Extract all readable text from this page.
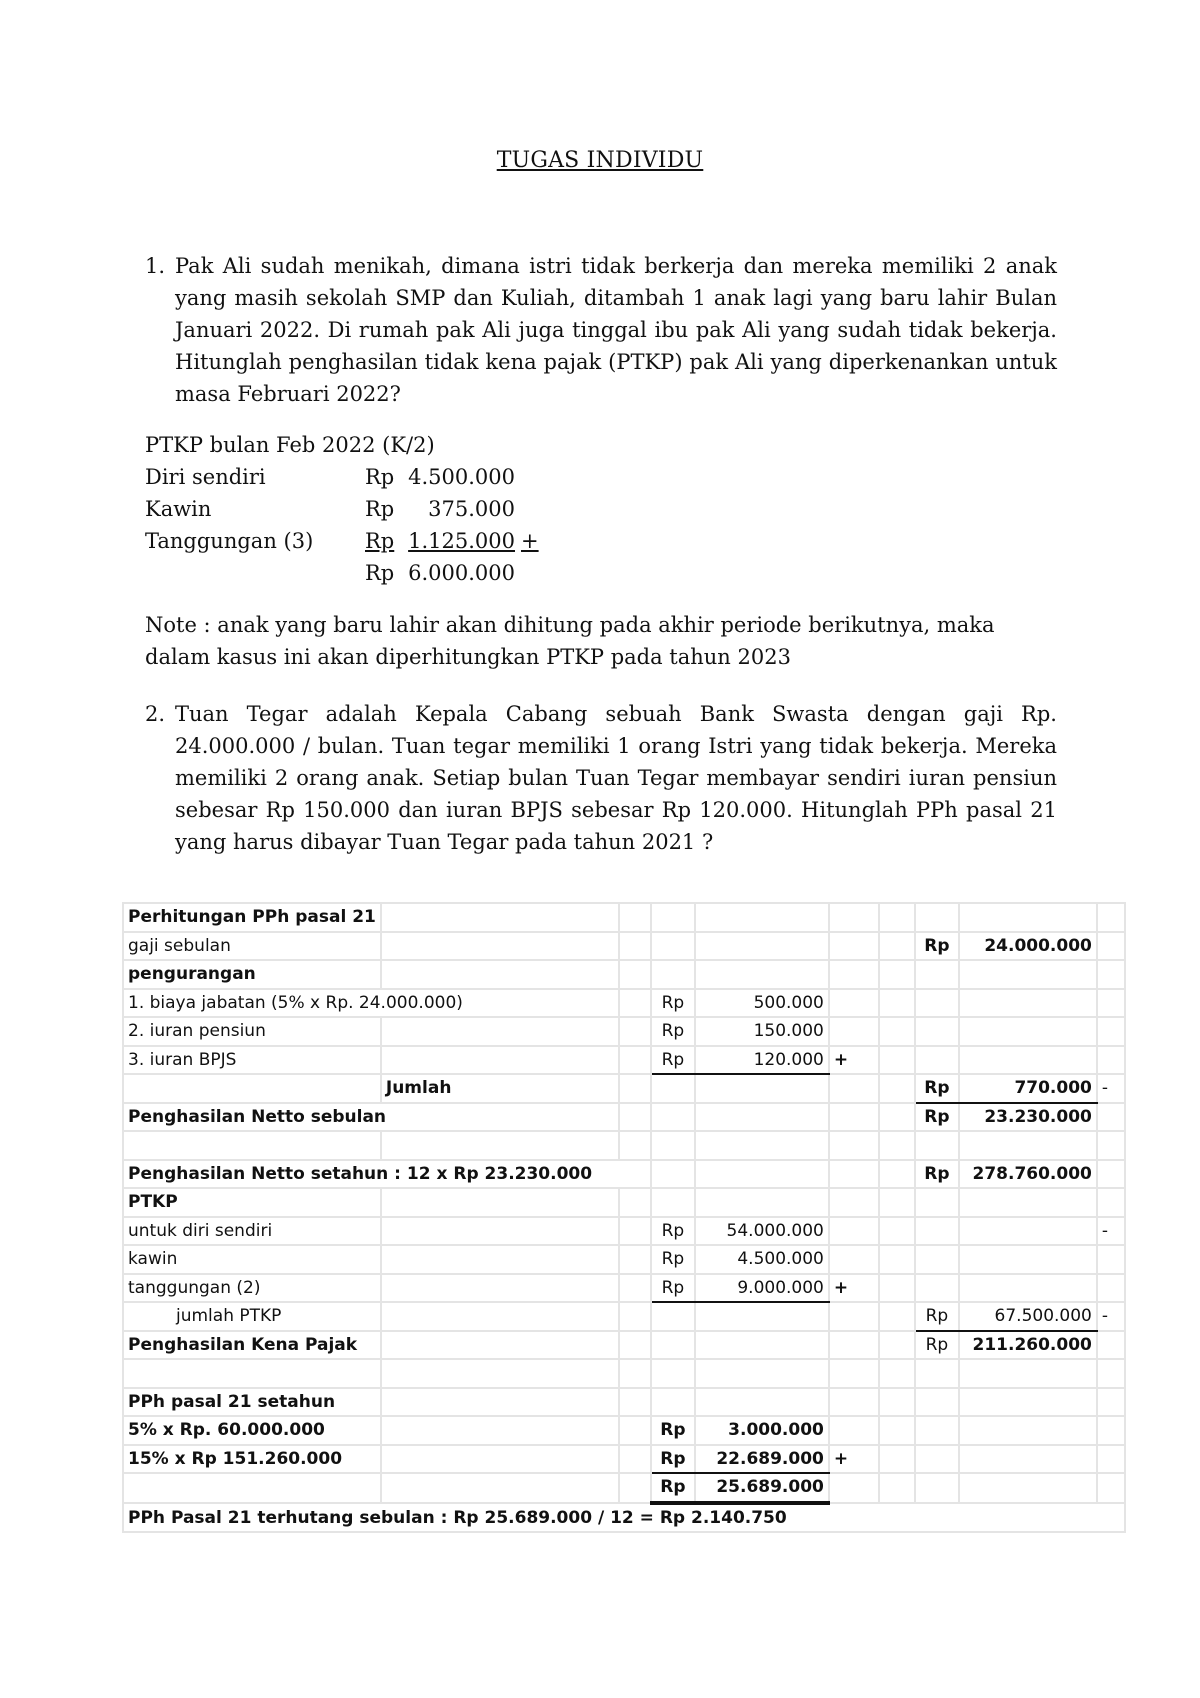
TUGAS INDIVIDU
1. Pak Ali sudah menikah, dimana istri tidak berkerja dan mereka memiliki 2 anak yang masih sekolah SMP dan Kuliah, ditambah 1 anak lagi yang baru lahir Bulan Januari 2022. Di rumah pak Ali juga tinggal ibu pak Ali yang sudah tidak bekerja. Hitunglah penghasilan tidak kena pajak (PTKP) pak Ali yang diperkenankan untuk masa Februari 2022?
PTKP bulan Feb 2022 (K/2)
Diri sendiri	Rp 4.500.000
Kawin	Rp	375.000
Tanggungan (3)	Rp 1.125.000 +
Rp 6.000.000
Note : anak yang baru lahir akan dihitung pada akhir periode berikutnya, maka dalam kasus ini akan diperhitungkan PTKP pada tahun 2023
2. Tuan Tegar adalah Kepala Cabang sebuah Bank Swasta dengan gaji Rp. 24.000.000 / bulan. Tuan tegar memiliki 1 orang Istri yang tidak bekerja. Mereka memiliki 2 orang anak. Setiap bulan Tuan Tegar membayar sendiri iuran pensiun sebesar Rp 150.000 dan iuran BPJS sebesar Rp 120.000. Hitunglah PPh pasal 21 yang harus dibayar Tuan Tegar pada tahun 2021 ?
Perhitungan PPh pasal 21									
gaji sebulan							Rp	24.000.000	
pengurangan									
1. biaya jabatan (5% x Rp. 24.000.000)			Rp	500.000					
2. iuran pensiun			Rp	150.000					
3. iuran BPJS			Rp	120.000	+				
	Jumlah						Rp	770.000	-
Penghasilan Netto sebulan							Rp	23.230.000	

Penghasilan Netto setahun : 12 x Rp 23.230.000							Rp	278.760.000	
PTKP									
untuk diri sendiri			Rp	54.000.000					-
kawin			Rp	4.500.000					
tanggungan (2)			Rp	9.000.000	+				
jumlah PTKP							Rp	67.500.000	-
Penghasilan Kena Pajak							Rp	211.260.000	

PPh pasal 21 setahun									
5% x Rp. 60.000.000			Rp	3.000.000					
15% x Rp 151.260.000			Rp	22.689.000	+				
			Rp	25.689.000					
PPh Pasal 21 terhutang sebulan : Rp 25.689.000 / 12 = Rp 2.140.750									
